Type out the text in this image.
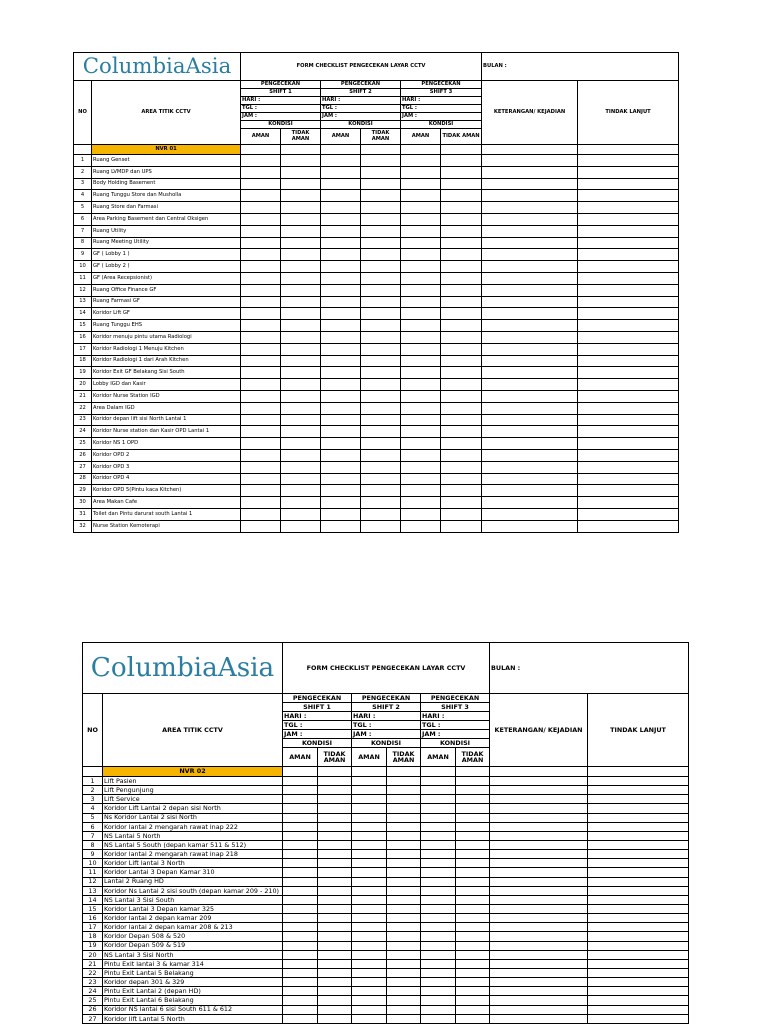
ColumbiaAsia		FORM CHECKLIST PENGECEKAN LAYAR CCTV						BULAN :	
NO	AREA TITIK CCTV	PENGECEKAN		PENGECEKAN		PENGECEKAN		KETERANGAN/ KEJADIAN	TINDAK LANJUT
		SHIFT 1		SHIFT 2		SHIFT 3			
		HARI :		HARI :		HARI :			
		TGL :		TGL :		TGL :			
		JAM :		JAM :		JAM :			
		KONDISI		KONDISI		KONDISI			
		AMAN	TIDAK AMAN	AMAN	TIDAK AMAN	AMAN	TIDAK AMAN		
	NVR 01								
1	Ruang Genset								
2	Ruang LVMDP dan UPS								
3	Body Holding Basement								
4	Ruang Tunggu Store dan Musholla								
5	Ruang Store dan Farmasi								
6	Area Parking Basement dan Central Oksigen								
7	Ruang Utility								
8	Ruang Meeting Utility								
9	GF ( Lobby 1 )								
10	GF ( Lobby 2 )								
11	GF (Area Recepsionist)								
12	Ruang Office Finance GF								
13	Ruang Farmasi GF								
14	Koridor Lift GF								
15	Ruang Tunggu EHS								
16	Koridor menuju pintu utama Radiologi								
17	Koridor Radiologi 1 Menuju Kitchen								
18	Koridor Radiologi 1 dari Arah Kitchen								
19	Koridor Exit GF Belakang Sisi South								
20	Lobby IGD dan Kasir								
21	Koridor Nurse Station IGD								
22	Area Dalam IGD								
23	Koridor depan lift sisi North Lantai 1								
24	Koridor Nurse station dan Kasir OPD Lantai 1								
25	Koridor NS 1 OPD								
26	Koridor OPD 2								
27	Koridor OPD 3								
28	Koridor OPD 4								
29	Koridor OPD 5(Pintu kaca Kitchen)								
30	Area Makan Cafe								
31	Toilet dan Pintu darurat south Lantai 1								
32	Nurse Station Kemoterapi								
ColumbiaAsia		FORM CHECKLIST PENGECEKAN LAYAR CCTV						BULAN :	
NO	AREA TITIK CCTV	PENGECEKAN		PENGECEKAN		PENGECEKAN		KETERANGAN/ KEJADIAN	TINDAK LANJUT
		SHIFT 1		SHIFT 2		SHIFT 3			
		HARI :		HARI :		HARI :			
		TGL :		TGL :		TGL :			
		JAM :		JAM :		JAM :			
		KONDISI		KONDISI		KONDISI			
		AMAN	TIDAK AMAN	AMAN	TIDAK AMAN	AMAN	TIDAK AMAN		
	NVR 02								
1	Lift Pasien								
2	Lift Pengunjung								
3	Lift Service								
4	Koridor Lift Lantai 2 depan sisi North								
5	Ns Koridor Lantai 2 sisi North								
6	Koridor lantai 2 mengarah rawat inap 222								
7	NS Lantai 5 North								
8	NS Lantai 5 South (depan kamar 511 & 512)								
9	Koridor lantai 2 mengarah rawat inap 218								
10	Koridor Lift lantai 3 North								
11	Koridor Lantai 3 Depan Kamar 310								
12	Lantai 2 Ruang HD								
13	Koridor Ns Lantai 2 sisi south (depan kamar 209 - 210)								
14	NS Lantai 3 Sisi South								
15	Koridor Lantai 3 Depan kamar 325								
16	Koridor lantai 2 depan kamar 209								
17	Koridor lantai 2 depan kamar 208 & 213								
18	Koridor Depan 508 & 520								
19	Koridor Depan 509 & 519								
20	NS Lantai 3 Sisi North								
21	Pintu Exit lantai 3 & kamar 314								
22	Pintu Exit Lantai 5 Belakang								
23	Koridor depan 301 & 329								
24	Pintu Exit Lantai 2 (depan HD)								
25	Pintu Exit Lantai 6 Belakang								
26	Koridor NS lantai 6 sisi South 611 & 612								
27	Koridor lift Lantai 5 North								
